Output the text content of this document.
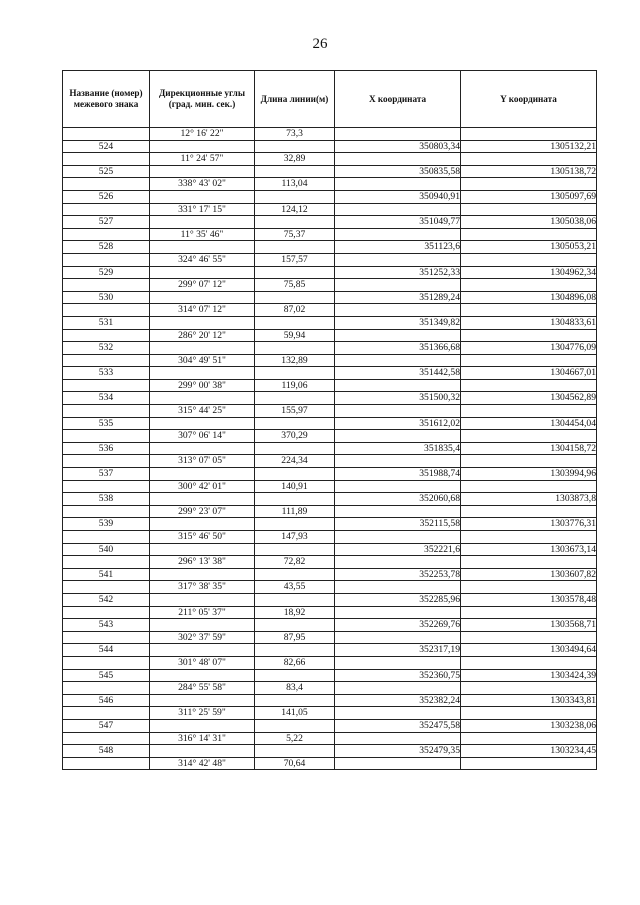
26
Название (номер) межевого знака	Дирекционные углы (град. мин. сек.)	Длина линии(м)	X координата	Y координата
	12° 16' 22"	73,3		
524			350803,34	1305132,21
	11° 24' 57"	32,89		
525			350835,58	1305138,72
	338° 43' 02"	113,04		
526			350940,91	1305097,69
	331° 17' 15"	124,12		
527			351049,77	1305038,06
	11° 35' 46"	75,37		
528			351123,6	1305053,21
	324° 46' 55"	157,57		
529			351252,33	1304962,34
	299° 07' 12"	75,85		
530			351289,24	1304896,08
	314° 07' 12"	87,02		
531			351349,82	1304833,61
	286° 20' 12"	59,94		
532			351366,68	1304776,09
	304° 49' 51"	132,89		
533			351442,58	1304667,01
	299° 00' 38"	119,06		
534			351500,32	1304562,89
	315° 44' 25"	155,97		
535			351612,02	1304454,04
	307° 06' 14"	370,29		
536			351835,4	1304158,72
	313° 07' 05"	224,34		
537			351988,74	1303994,96
	300° 42' 01"	140,91		
538			352060,68	1303873,8
	299° 23' 07"	111,89		
539			352115,58	1303776,31
	315° 46' 50"	147,93		
540			352221,6	1303673,14
	296° 13' 38"	72,82		
541			352253,78	1303607,82
	317° 38' 35"	43,55		
542			352285,96	1303578,48
	211° 05' 37"	18,92		
543			352269,76	1303568,71
	302° 37' 59"	87,95		
544			352317,19	1303494,64
	301° 48' 07"	82,66		
545			352360,75	1303424,39
	284° 55' 58"	83,4		
546			352382,24	1303343,81
	311° 25' 59"	141,05		
547			352475,58	1303238,06
	316° 14' 31"	5,22		
548			352479,35	1303234,45
	314° 42' 48"	70,64		
